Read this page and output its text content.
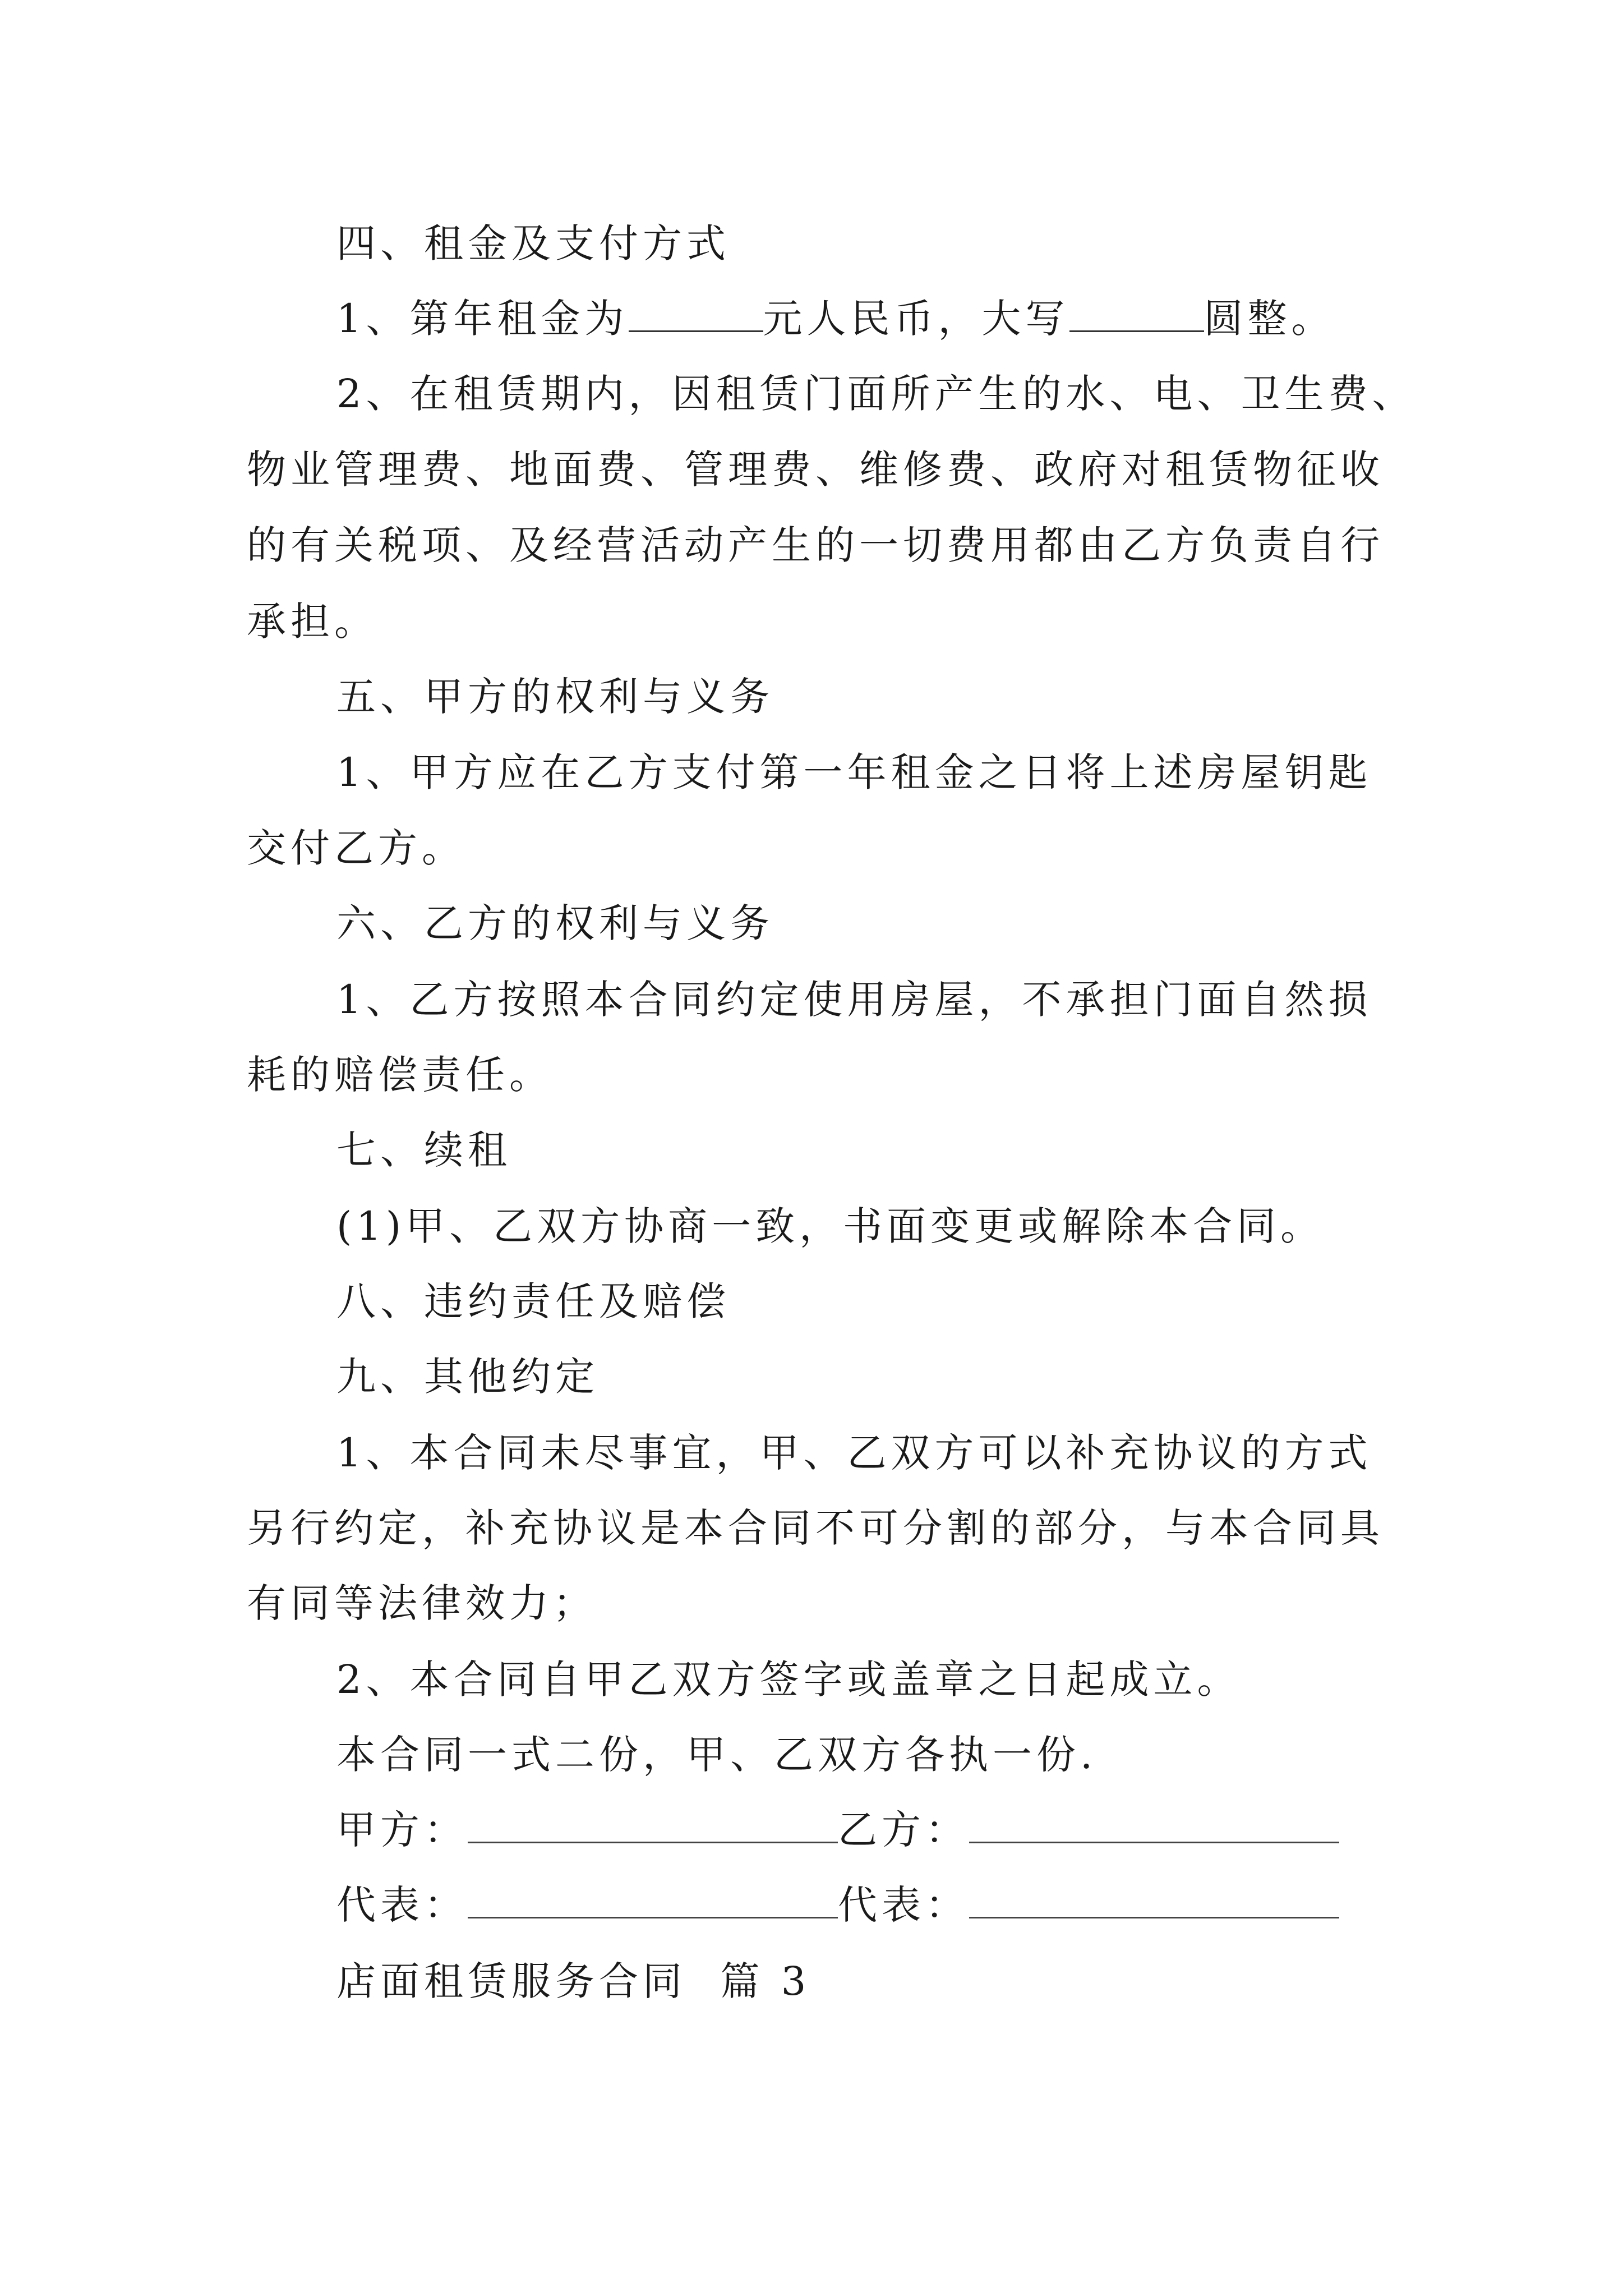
四、租金及支付方式
1、第年租金为	元人民币，大写	圆整。
2、在租赁期内，因租赁门面所产生的水、电、卫生费、
物业管理费、地面费、管理费、维修费、政府对租赁物征收
的有关税项、及经营活动产生的一切费用都由乙方负责自行
承担。
五、甲方的权利与义务
1、甲方应在乙方支付第一年租金之日将上述房屋钥匙
交付乙方。
六、乙方的权利与义务
1、乙方按照本合同约定使用房屋，不承担门面自然损
耗的赔偿责任。
七、续租
(1)甲、乙双方协商一致，书面变更或解除本合同。
八、违约责任及赔偿
九、其他约定
1、本合同未尽事宜，甲、乙双方可以补充协议的方式
另行约定，补充协议是本合同不可分割的部分，与本合同具
有同等法律效力；
2、本合同自甲乙双方签字或盖章之日起成立。
本合同一式二份，甲、乙双方各执一份.
甲方：	乙方：
代表：	代表：
店面租赁服务合同  篇 3
